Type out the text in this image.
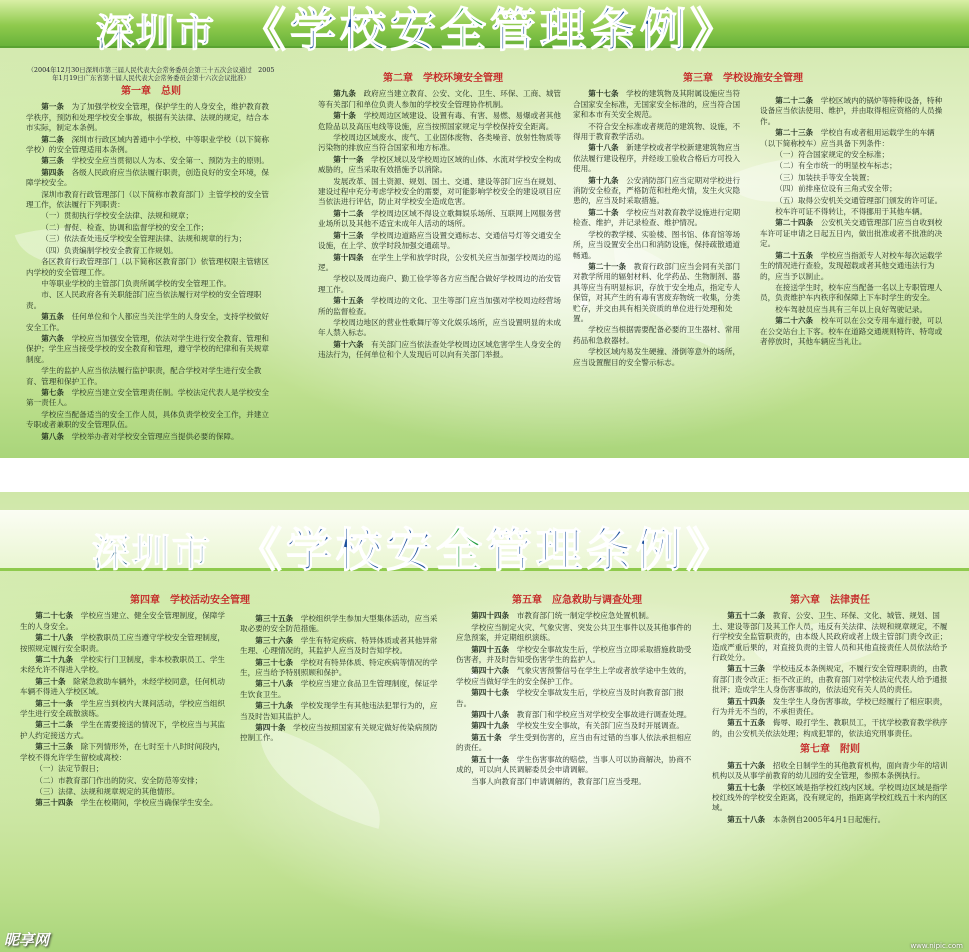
深圳市 《学校安全管理条例》
（2004年12月30日深圳市第三届人民代表大会常务委员会第三十五次会议通过　2005年1月19日广东省第十届人民代表大会常务委员会第十六次会议批准）
第一章　总则

第一条　 为了加强学校安全管理，保护学生的人身安全，维护教育教学秩序，预防和处理学校安全事故，根据有关法律、法规的规定，结合本市实际，制定本条例。

第二条　 深圳市行政区域内普通中小学校、中等职业学校（以下简称学校）的安全管理适用本条例。

第三条　 学校安全应当贯彻以人为本、安全第一、预防为主的原则。

第四条　 各级人民政府应当依法履行职责，创造良好的安全环境，保障学校安全。

深圳市教育行政管理部门（以下简称市教育部门）主管学校的安全管理工作，依法履行下列职责：

（一）贯彻执行学校安全法律、法规和规章；

（二）督促、检查、协调和监督学校的安全工作；

（三）依法查处违反学校安全管理法律、法规和规章的行为；

（四）负责编制学校安全教育工作规划。

各区教育行政管理部门（以下简称区教育部门）依管理权限主管辖区内学校的安全管理工作。

中等职业学校的主管部门负责所属学校的安全管理工作。

市、区人民政府各有关职能部门应当依法履行对学校的安全管理职责。

第五条　 任何单位和个人都应当关注学生的人身安全，支持学校做好安全工作。

第六条　 学校应当加强安全管理，依法对学生进行安全教育、管理和保护；学生应当接受学校的安全教育和管理，遵守学校的纪律和有关规章制度。

学生的监护人应当依法履行监护职责，配合学校对学生进行安全教育、管理和保护工作。

第七条　 学校应当建立安全管理责任制。学校法定代表人是学校安全第一责任人。

学校应当配备适当的安全工作人员，具体负责学校安全工作，并建立专职或者兼职的安全管理队伍。

第八条　 学校举办者对学校安全管理应当提供必要的保障。

第二章　学校环境安全管理

第九条　 政府应当建立教育、公安、文化、卫生、环保、工商、城管等有关部门和单位负责人参加的学校安全管理协作机制。

第十条　 学校周边区域建设、设置有毒、有害、易燃、易爆或者其他危险品以及高压电线等设施，应当按照国家规定与学校保持安全距离。

学校周边区域废水、废气、工业固体废物、各类噪音、放射性物质等污染物的排放应当符合国家和地方标准。

第十一条　 学校区域以及学校周边区域的山体、水流对学校安全构成威胁的，应当采取有效措施予以消除。

发展改革、国土资源、规划、国土、交通、建设等部门应当在规划、建设过程中充分考虑学校安全的需要，对可能影响学校安全的建设项目应当依法进行评估，防止对学校安全造成危害。

第十二条　 学校周边区域不得设立歌舞娱乐场所、互联网上网服务营业场所以及其他不适宜未成年人活动的场所。

第十三条　 学校周边道路应当设置交通标志、交通信号灯等交通安全设施，在上学、放学时段加强交通疏导。

第十四条　 在学生上学和放学时段，公安机关应当加强学校周边的巡逻。

学校以及周边商户、勤工俭学等各方应当配合做好学校周边的治安管理工作。

第十五条　 学校周边的文化、卫生等部门应当加强对学校周边经营场所的监督检查。

学校周边地区的营业性歌舞厅等文化娱乐场所，应当设置明显的未成年人禁入标志。

第十六条　 有关部门应当依法查处学校周边区域危害学生人身安全的违法行为，任何单位和个人发现后可以向有关部门举报。

第三章　学校设施安全管理

第十七条　 学校的建筑物及其附属设施应当符合国家安全标准，无国家安全标准的，应当符合国家和本市有关安全规范。

不符合安全标准或者规范的建筑物、设施，不得用于教育教学活动。

第十八条　 新建学校或者学校新建建筑物应当依法履行建设程序，并经竣工验收合格后方可投入使用。

第十九条　 公安消防部门应当定期对学校进行消防安全检查，严格防范和杜绝火情，发生火灾隐患的，应当及时采取措施。

第二十条　 学校应当对教育教学设施进行定期检查、维护，并记录检查、维护情况。

学校的教学楼、实验楼、图书馆、体育馆等场所，应当设置安全出口和消防设施，保持疏散通道畅通。

第二十一条　 教育行政部门应当会同有关部门对教学所用的辐射材料、化学药品、生物制剂、器具等应当有明显标识，存放于安全地点，指定专人保管，对其产生的有毒有害废弃物统一收集，分类贮存，并交由具有相关资质的单位进行处理和处置。

学校应当根据需要配备必要的卫生器材、常用药品和急救器材。

学校区域内易发生硬撞、滑倒等意外的场所，应当设置醒目的安全警示标志。

第二十二条　 学校区域内的锅炉等特种设备，特种设备应当依法使用、维护，并由取得相应资格的人员操作。

第二十三条　 学校自有或者租用运载学生的车辆（以下简称校车）应当具备下列条件：

（一）符合国家规定的安全标准；

（二）有全市统一的明显校车标志；

（三）加装扶手等安全装置；

（四）前排座位设有三角式安全带；

（五）取得公安机关交通管理部门颁发的许可证。

校车许可证不得转让，不得挪用于其他车辆。

第二十四条　 公安机关交通管理部门应当自收到校车许可证申请之日起五日内，做出批准或者不批准的决定。

第二十五条　 学校应当指派专人对校车每次运载学生的情况进行查验，发现超载或者其他交通违法行为的，应当予以制止。

在接送学生时，校车应当配备一名以上专职管理人员，负责维护车内秩序和保障上下车时学生的安全。

校车驾驶员应当具有三年以上良好驾驶记录。

第二十六条　 校车可以在公交专用车道行驶，可以在公交站台上下客。校车在道路交通规则特许、特弯或者停放时，其他车辆应当礼让。

深圳市 《学校安全管理条例》
第四章　学校活动安全管理

第二十七条　 学校应当建立、健全安全管理制度，保障学生的人身安全。

第二十八条　 学校教职员工应当遵守学校安全管理制度，按照规定履行安全职责。

第二十九条　 学校实行门卫制度，非本校教职员工、学生未经允许不得进入学校。

第三十条　 除紧急救助车辆外，未经学校同意，任何机动车辆不得进入学校区域。

第三十一条　 学生应当到校内大课间活动，学校应当组织学生进行安全疏散演练。

第三十二条　 学生在需要接送的情况下，学校应当与其监护人约定接送方式。

第三十三条　 除下列情形外，在七时至十八时时间段内，学校不得允许学生留校或离校：

（一）法定节假日；

（二）市教育部门作出的防灾、安全防范等安排；

（三）法律、法规和规章规定的其他情形。

第三十四条　 学生在校期间，学校应当确保学生安全。

第三十五条　 学校组织学生参加大型集体活动，应当采取必要的安全防范措施。

第三十六条　 学生有特定疾病、特异体质或者其他异常生理、心理情况的，其监护人应当及时告知学校。

第三十七条　 学校对有特异体质、特定疾病等情况的学生，应当给予特别照顾和保护。

第三十八条　 学校应当建立食品卫生管理制度，保证学生饮食卫生。

第三十九条　 学校发现学生有其他违法犯罪行为的，应当及时告知其监护人。

第四十条　 学校应当按照国家有关规定做好传染病预防控制工作。

第五章　应急救助与调查处理

第四十四条　 市教育部门统一制定学校应急处置机制。

学校应当制定火灾、气象灾害、突发公共卫生事件以及其他事件的应急预案，并定期组织演练。

第四十五条　 学校安全事故发生后，学校应当立即采取措施救助受伤害者，并及时告知受伤害学生的监护人。

第四十六条　 气象灾害预警信号在学生上学或者放学途中生效的，学校应当做好学生的安全保护工作。

第四十七条　 学校安全事故发生后，学校应当及时向教育部门报告。

第四十八条　 教育部门和学校应当对学校安全事故进行调查处理。

第四十九条　 学校发生安全事故，有关部门应当及时开展调查。

第五十条　 学生受到伤害的，应当由有过错的当事人依法承担相应的责任。

第五十一条　 学生伤害事故的赔偿，当事人可以协商解决，协商不成的，可以向人民调解委员会申请调解。

当事人向教育部门申请调解的，教育部门应当受理。

第六章　法律责任

第五十二条　 教育、公安、卫生、环保、文化、城管、规划、国土、建设等部门及其工作人员，违反有关法律、法规和规章规定，不履行学校安全监管职责的，由本级人民政府或者上级主管部门责令改正；造成严重后果的，对直接负责的主管人员和其他直接责任人员依法给予行政处分。

第五十三条　 学校违反本条例规定，不履行安全管理职责的，由教育部门责令改正；拒不改正的，由教育部门对学校法定代表人给予通报批评；造成学生人身伤害事故的，依法追究有关人员的责任。

第五十四条　 发生学生人身伤害事故，学校已经履行了相应职责，行为并无不当的，不承担责任。

第五十五条　 侮辱、殴打学生、教职员工，干扰学校教育教学秩序的，由公安机关依法处理；构成犯罪的，依法追究刑事责任。

第七章　附则

第五十六条　 招收全日制学生的其他教育机构，面向青少年的培训机构以及从事学前教育的幼儿园的安全管理，参照本条例执行。

第五十七条　 学校区域是指学校红线内区域。学校周边区域是指学校红线外的学校安全距离，没有规定的，指距离学校红线五十米内的区域。

第五十八条　 本条例自2005年4月1日起施行。

昵享网	www.nipic.com
